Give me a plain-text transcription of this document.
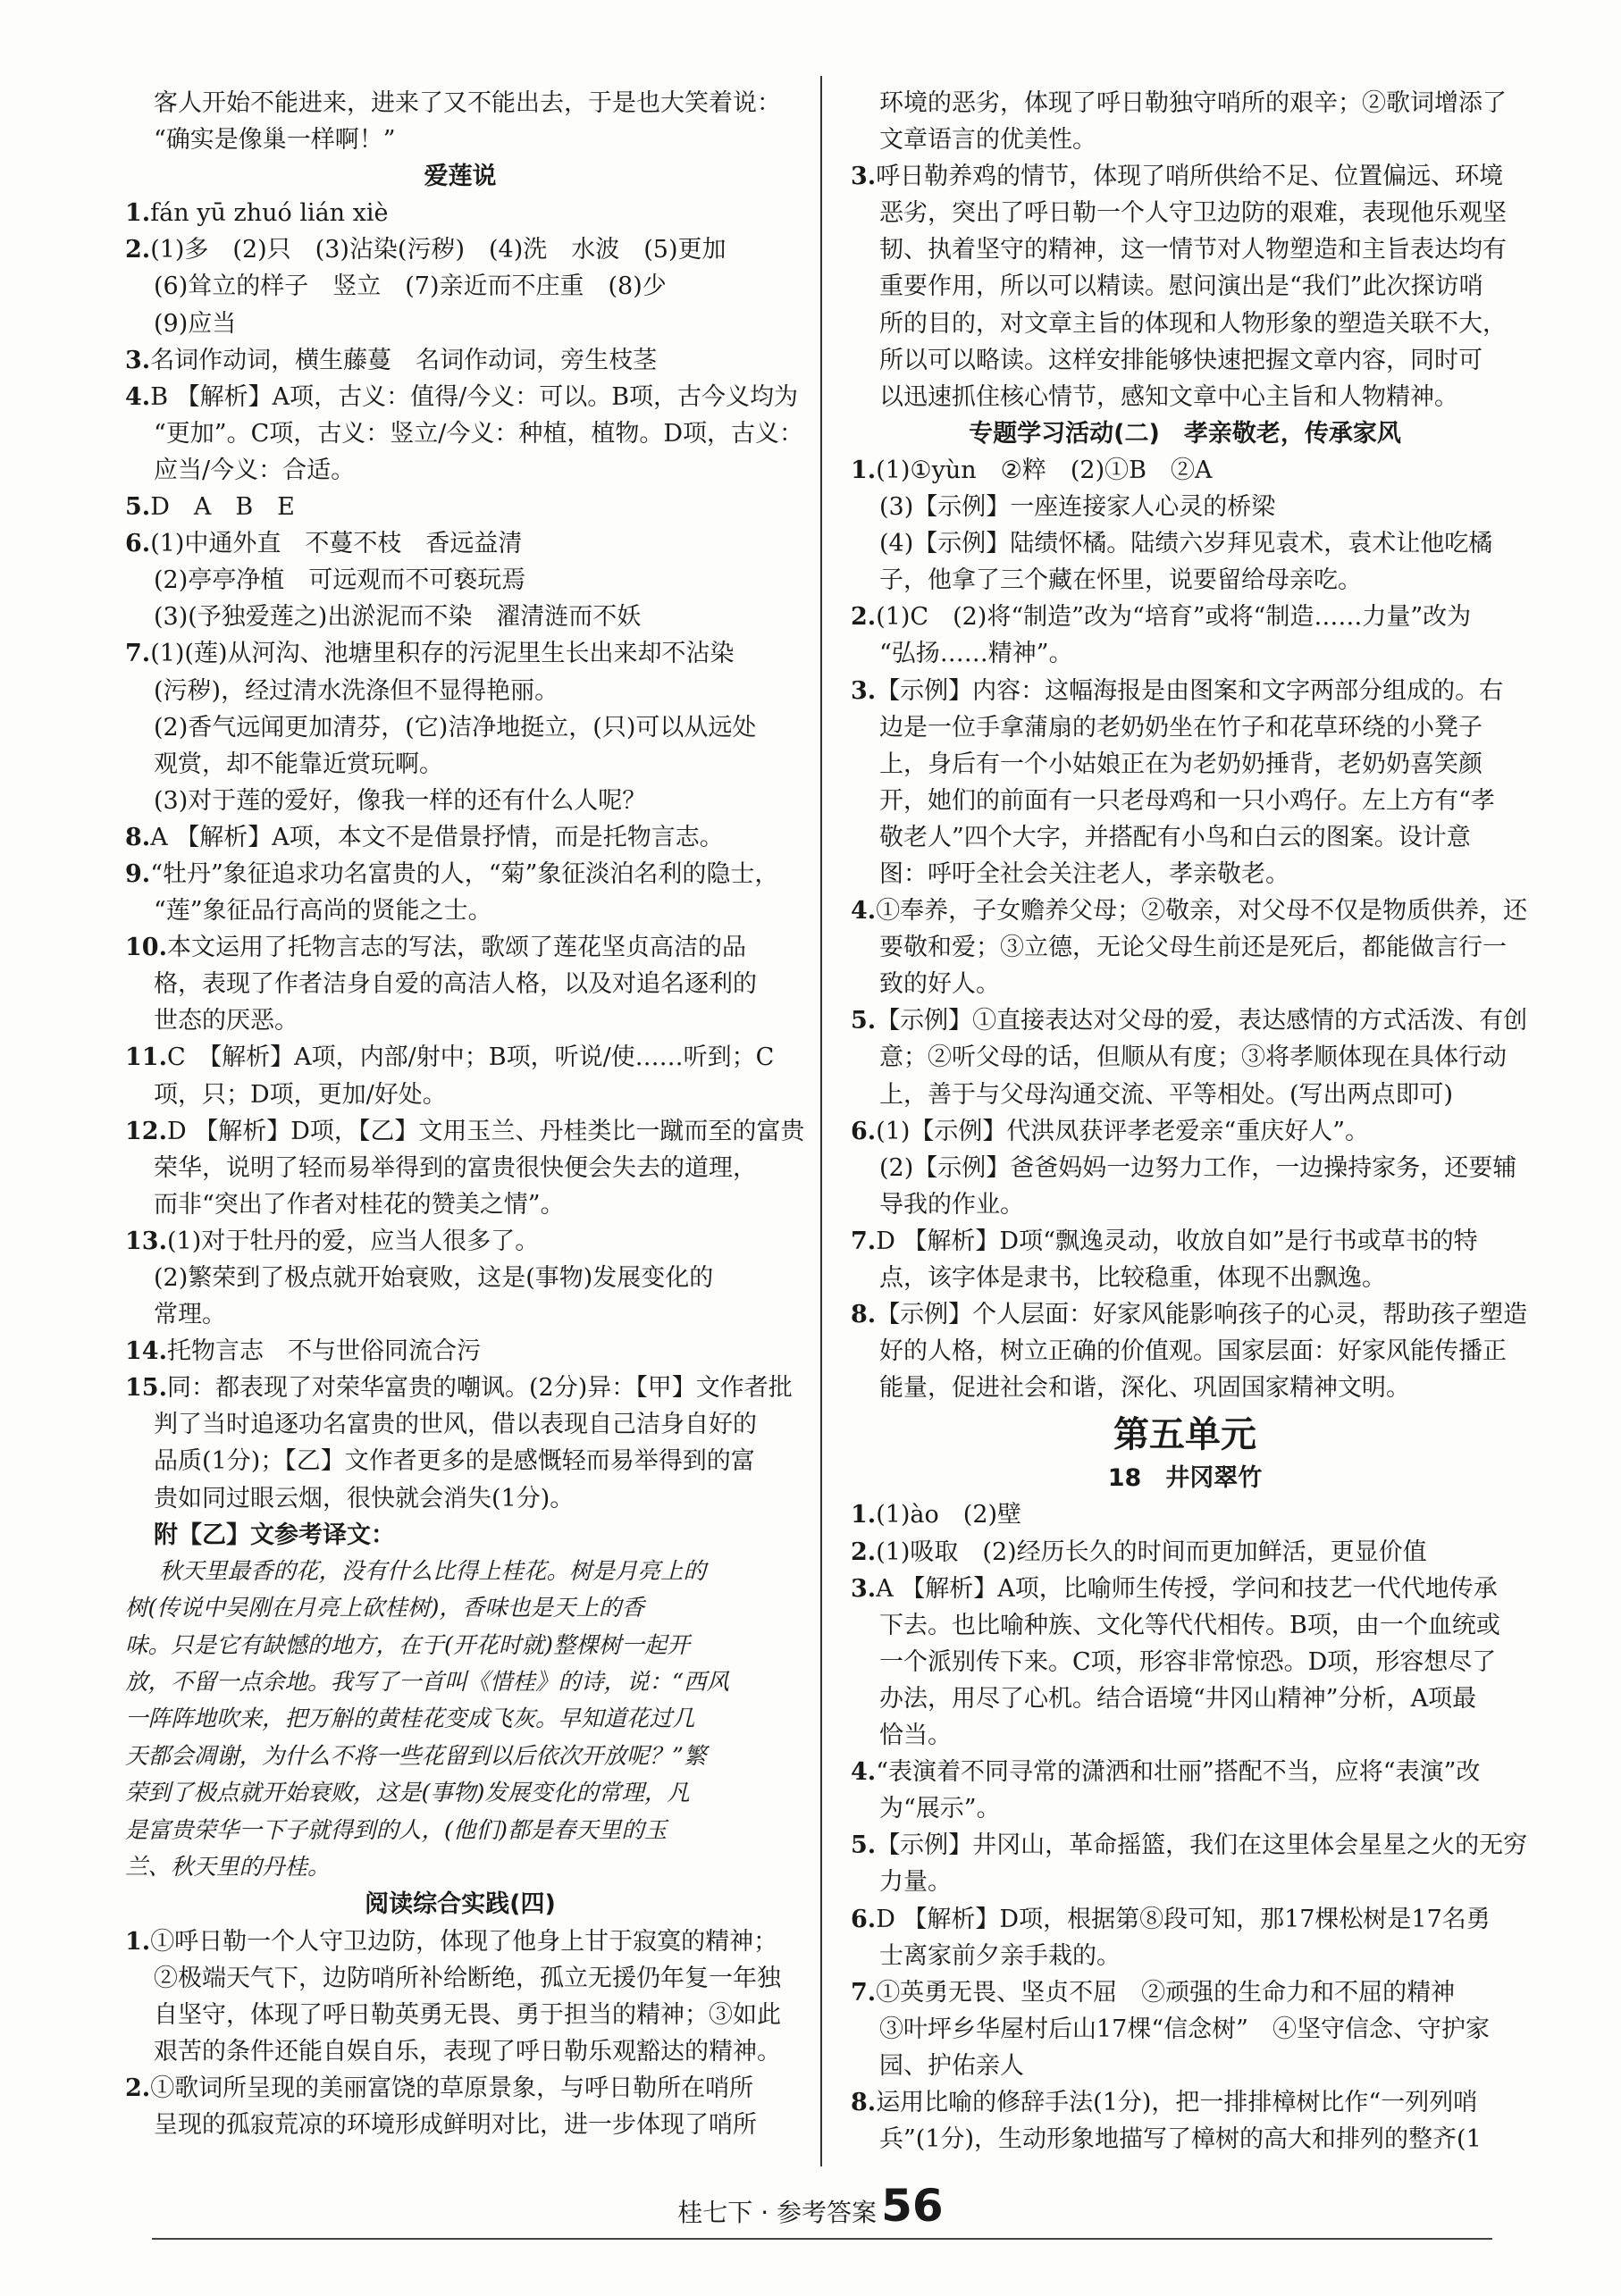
客人开始不能进来，进来了又不能出去，于是也大笑着说：
“确实是像巢一样啊！”
爱莲说
1.fán yū zhuó lián xiè
2.(1)多　(2)只　(3)沾染(污秽)　(4)洗　水波　(5)更加
(6)耸立的样子　竖立　(7)亲近而不庄重　(8)少
(9)应当
3.名词作动词，横生藤蔓　名词作动词，旁生枝茎
4.B 【解析】A项，古义：值得/今义：可以。B项，古今义均为
“更加”。C项，古义：竖立/今义：种植，植物。D项，古义：
应当/今义：合适。
5.D　A　B　E
6.(1)中通外直　不蔓不枝　香远益清
(2)亭亭净植　可远观而不可亵玩焉
(3)(予独爱莲之)出淤泥而不染　濯清涟而不妖
7.(1)(莲)从河沟、池塘里积存的污泥里生长出来却不沾染
(污秽)，经过清水洗涤但不显得艳丽。
(2)香气远闻更加清芬，(它)洁净地挺立，(只)可以从远处
观赏，却不能靠近赏玩啊。
(3)对于莲的爱好，像我一样的还有什么人呢？
8.A 【解析】A项，本文不是借景抒情，而是托物言志。
9.“牡丹”象征追求功名富贵的人，“菊”象征淡泊名利的隐士，
“莲”象征品行高尚的贤能之士。
10.本文运用了托物言志的写法，歌颂了莲花坚贞高洁的品
格，表现了作者洁身自爱的高洁人格，以及对追名逐利的
世态的厌恶。
11.C　【解析】A项，内部/射中；B项，听说/使……听到；C
项，只；D项，更加/好处。
12.D 【解析】D项，【乙】文用玉兰、丹桂类比一蹴而至的富贵
荣华，说明了轻而易举得到的富贵很快便会失去的道理，
而非“突出了作者对桂花的赞美之情”。
13.(1)对于牡丹的爱，应当人很多了。
(2)繁荣到了极点就开始衰败，这是(事物)发展变化的
常理。
14.托物言志　不与世俗同流合污
15.同：都表现了对荣华富贵的嘲讽。(2分)异：【甲】文作者批
判了当时追逐功名富贵的世风，借以表现自己洁身自好的
品质(1分)；【乙】文作者更多的是感慨轻而易举得到的富
贵如同过眼云烟，很快就会消失(1分)。
附【乙】文参考译文：
秋天里最香的花，没有什么比得上桂花。树是月亮上的
树(传说中吴刚在月亮上砍桂树)，香味也是天上的香
味。只是它有缺憾的地方，在于(开花时就)整棵树一起开
放，不留一点余地。我写了一首叫《惜桂》的诗，说：“西风
一阵阵地吹来，把万斛的黄桂花变成飞灰。早知道花过几
天都会凋谢，为什么不将一些花留到以后依次开放呢？”繁
荣到了极点就开始衰败，这是(事物)发展变化的常理，凡
是富贵荣华一下子就得到的人，(他们)都是春天里的玉
兰、秋天里的丹桂。
阅读综合实践(四)
1.①呼日勒一个人守卫边防，体现了他身上甘于寂寞的精神；
②极端天气下，边防哨所补给断绝，孤立无援仍年复一年独
自坚守，体现了呼日勒英勇无畏、勇于担当的精神；③如此
艰苦的条件还能自娱自乐，表现了呼日勒乐观豁达的精神。
2.①歌词所呈现的美丽富饶的草原景象，与呼日勒所在哨所
呈现的孤寂荒凉的环境形成鲜明对比，进一步体现了哨所
环境的恶劣，体现了呼日勒独守哨所的艰辛；②歌词增添了
文章语言的优美性。
3.呼日勒养鸡的情节，体现了哨所供给不足、位置偏远、环境
恶劣，突出了呼日勒一个人守卫边防的艰难，表现他乐观坚
韧、执着坚守的精神，这一情节对人物塑造和主旨表达均有
重要作用，所以可以精读。慰问演出是“我们”此次探访哨
所的目的，对文章主旨的体现和人物形象的塑造关联不大，
所以可以略读。这样安排能够快速把握文章内容，同时可
以迅速抓住核心情节，感知文章中心主旨和人物精神。
专题学习活动(二)　孝亲敬老，传承家风
1.(1)①yùn　②粹　(2)①B　②A
(3)【示例】一座连接家人心灵的桥梁
(4)【示例】陆绩怀橘。陆绩六岁拜见袁术，袁术让他吃橘
子，他拿了三个藏在怀里，说要留给母亲吃。
2.(1)C　(2)将“制造”改为“培育”或将“制造……力量”改为
“弘扬……精神”。
3.【示例】内容：这幅海报是由图案和文字两部分组成的。右
边是一位手拿蒲扇的老奶奶坐在竹子和花草环绕的小凳子
上，身后有一个小姑娘正在为老奶奶捶背，老奶奶喜笑颜
开，她们的前面有一只老母鸡和一只小鸡仔。左上方有“孝
敬老人”四个大字，并搭配有小鸟和白云的图案。设计意
图：呼吁全社会关注老人，孝亲敬老。
4.①奉养，子女赡养父母；②敬亲，对父母不仅是物质供养，还
要敬和爱；③立德，无论父母生前还是死后，都能做言行一
致的好人。
5.【示例】①直接表达对父母的爱，表达感情的方式活泼、有创
意；②听父母的话，但顺从有度；③将孝顺体现在具体行动
上，善于与父母沟通交流、平等相处。(写出两点即可)
6.(1)【示例】代洪凤获评孝老爱亲“重庆好人”。
(2)【示例】爸爸妈妈一边努力工作，一边操持家务，还要辅
导我的作业。
7.D 【解析】D项“飘逸灵动，收放自如”是行书或草书的特
点，该字体是隶书，比较稳重，体现不出飘逸。
8.【示例】个人层面：好家风能影响孩子的心灵，帮助孩子塑造
好的人格，树立正确的价值观。国家层面：好家风能传播正
能量，促进社会和谐，深化、巩固国家精神文明。
第五单元
18　井冈翠竹
1.(1)ào　(2)壁
2.(1)吸取　(2)经历长久的时间而更加鲜活，更显价值
3.A 【解析】A项，比喻师生传授，学问和技艺一代代地传承
下去。也比喻种族、文化等代代相传。B项，由一个血统或
一个派别传下来。C项，形容非常惊恐。D项，形容想尽了
办法，用尽了心机。结合语境“井冈山精神”分析，A项最
恰当。
4.“表演着不同寻常的潇洒和壮丽”搭配不当，应将“表演”改
为“展示”。
5.【示例】井冈山，革命摇篮，我们在这里体会星星之火的无穷
力量。
6.D 【解析】D项，根据第⑧段可知，那17棵松树是17名勇
士离家前夕亲手栽的。
7.①英勇无畏、坚贞不屈　②顽强的生命力和不屈的精神
③叶坪乡华屋村后山17棵“信念树”　④坚守信念、守护家
园、护佑亲人
8.运用比喻的修辞手法(1分)，把一排排樟树比作“一列列哨
兵”(1分)，生动形象地描写了樟树的高大和排列的整齐(1
桂七下 · 参考答案 56
